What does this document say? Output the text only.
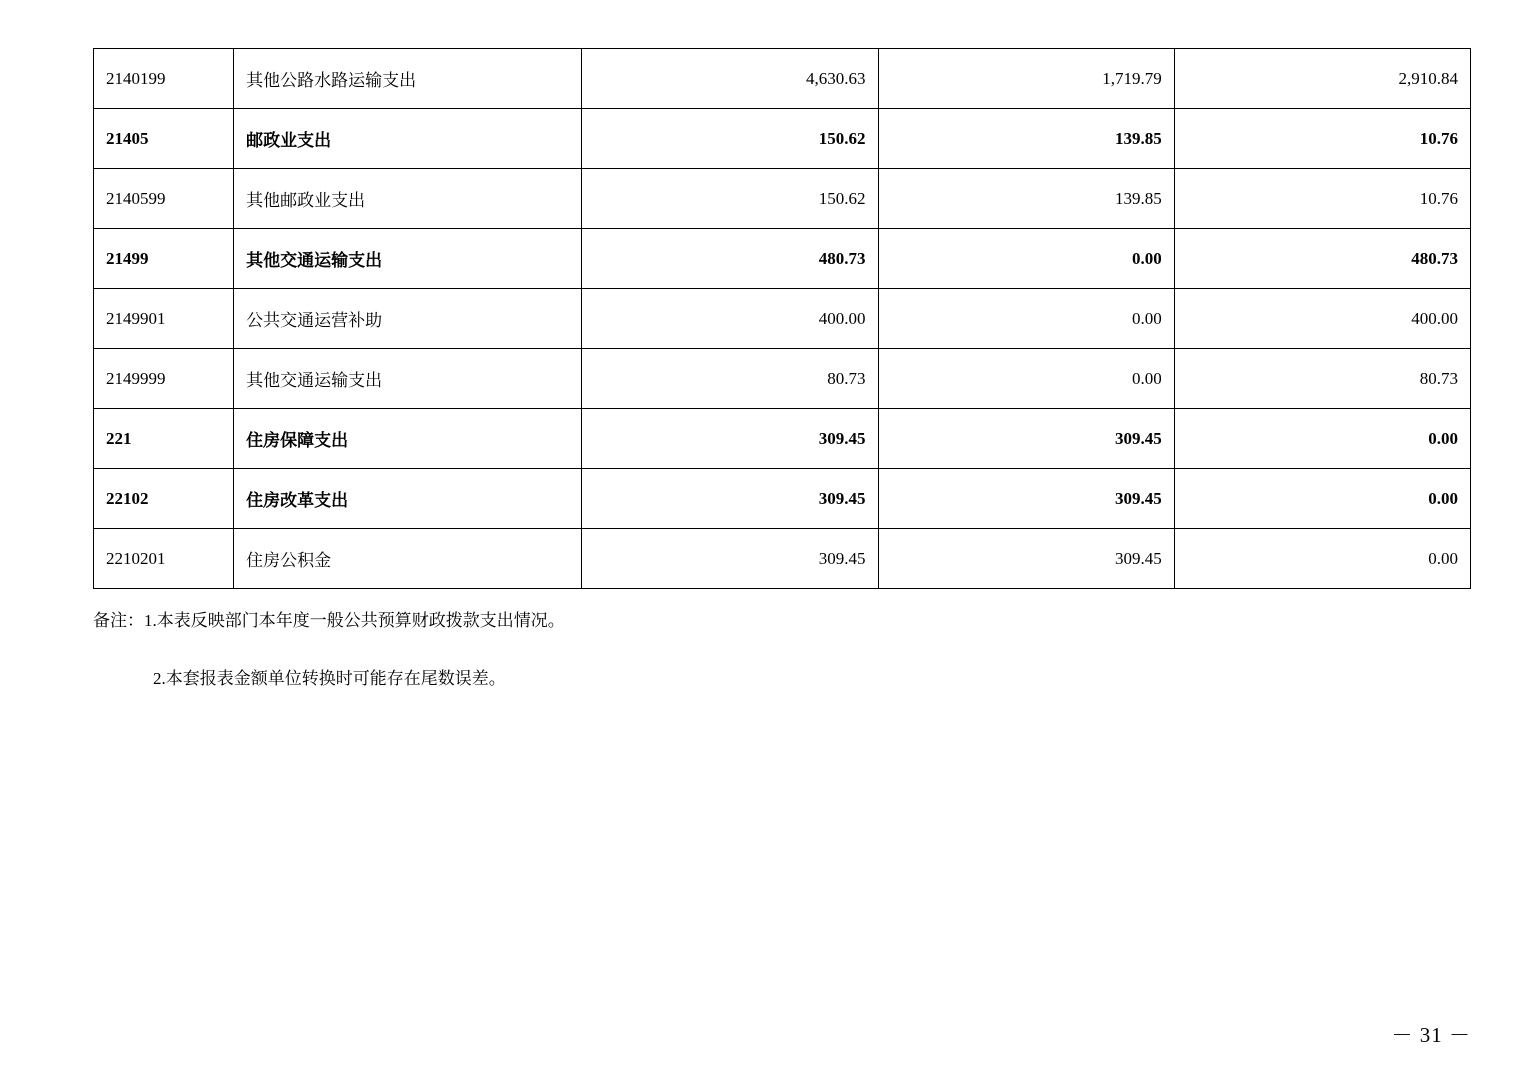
2140199	其他公路水路运输支出	4,630.63	1,719.79	2,910.84
21405	邮政业支出	150.62	139.85	10.76
2140599	其他邮政业支出	150.62	139.85	10.76
21499	其他交通运输支出	480.73	0.00	480.73
2149901	公共交通运营补助	400.00	0.00	400.00
2149999	其他交通运输支出	80.73	0.00	80.73
221	住房保障支出	309.45	309.45	0.00
22102	住房改革支出	309.45	309.45	0.00
2210201	住房公积金	309.45	309.45	0.00

备注：1.本表反映部门本年度一般公共预算财政拨款支出情况。

2.本套报表金额单位转换时可能存在尾数误差。

－ 31 －
